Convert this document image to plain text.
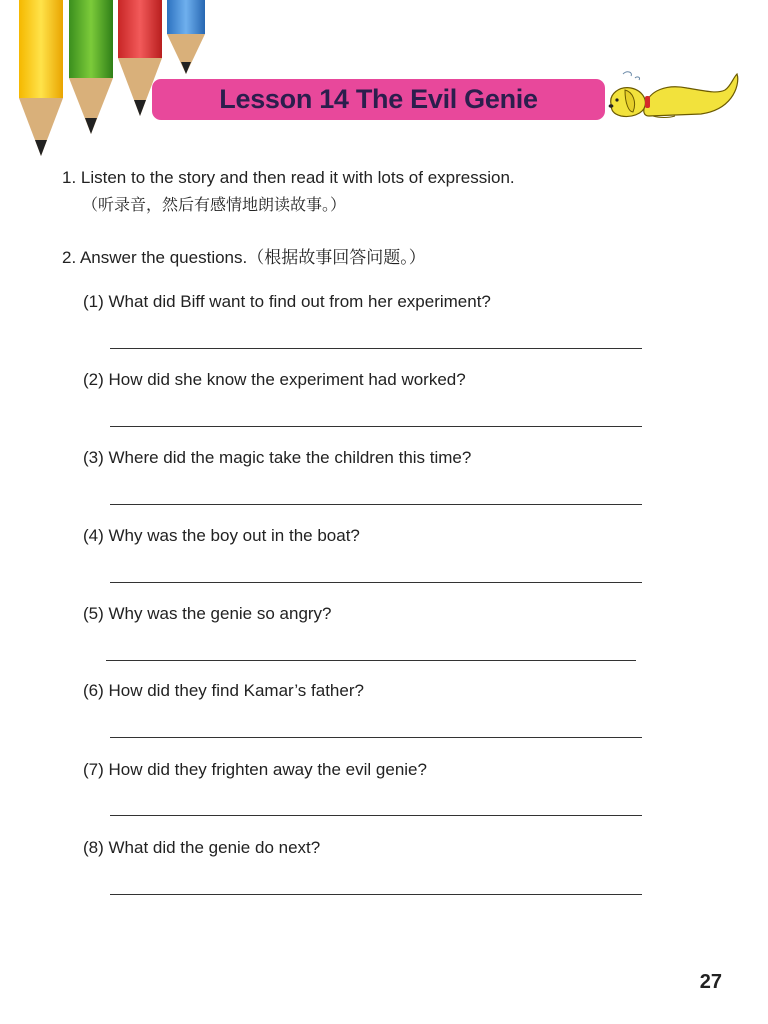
Lesson 14 The Evil Genie
1. Listen to the story and then read it with lots of expression.
（听录音，然后有感情地朗读故事。）
2. Answer the questions.（根据故事回答问题。）
(1) What did Biff want to find out from her experiment?
(2) How did she know the experiment had worked?
(3) Where did the magic take the children this time?
(4) Why was the boy out in the boat?
(5) Why was the genie so angry?
(6) How did they find Kamar’s father?
(7) How did they frighten away the evil genie?
(8) What did the genie do next?
27
